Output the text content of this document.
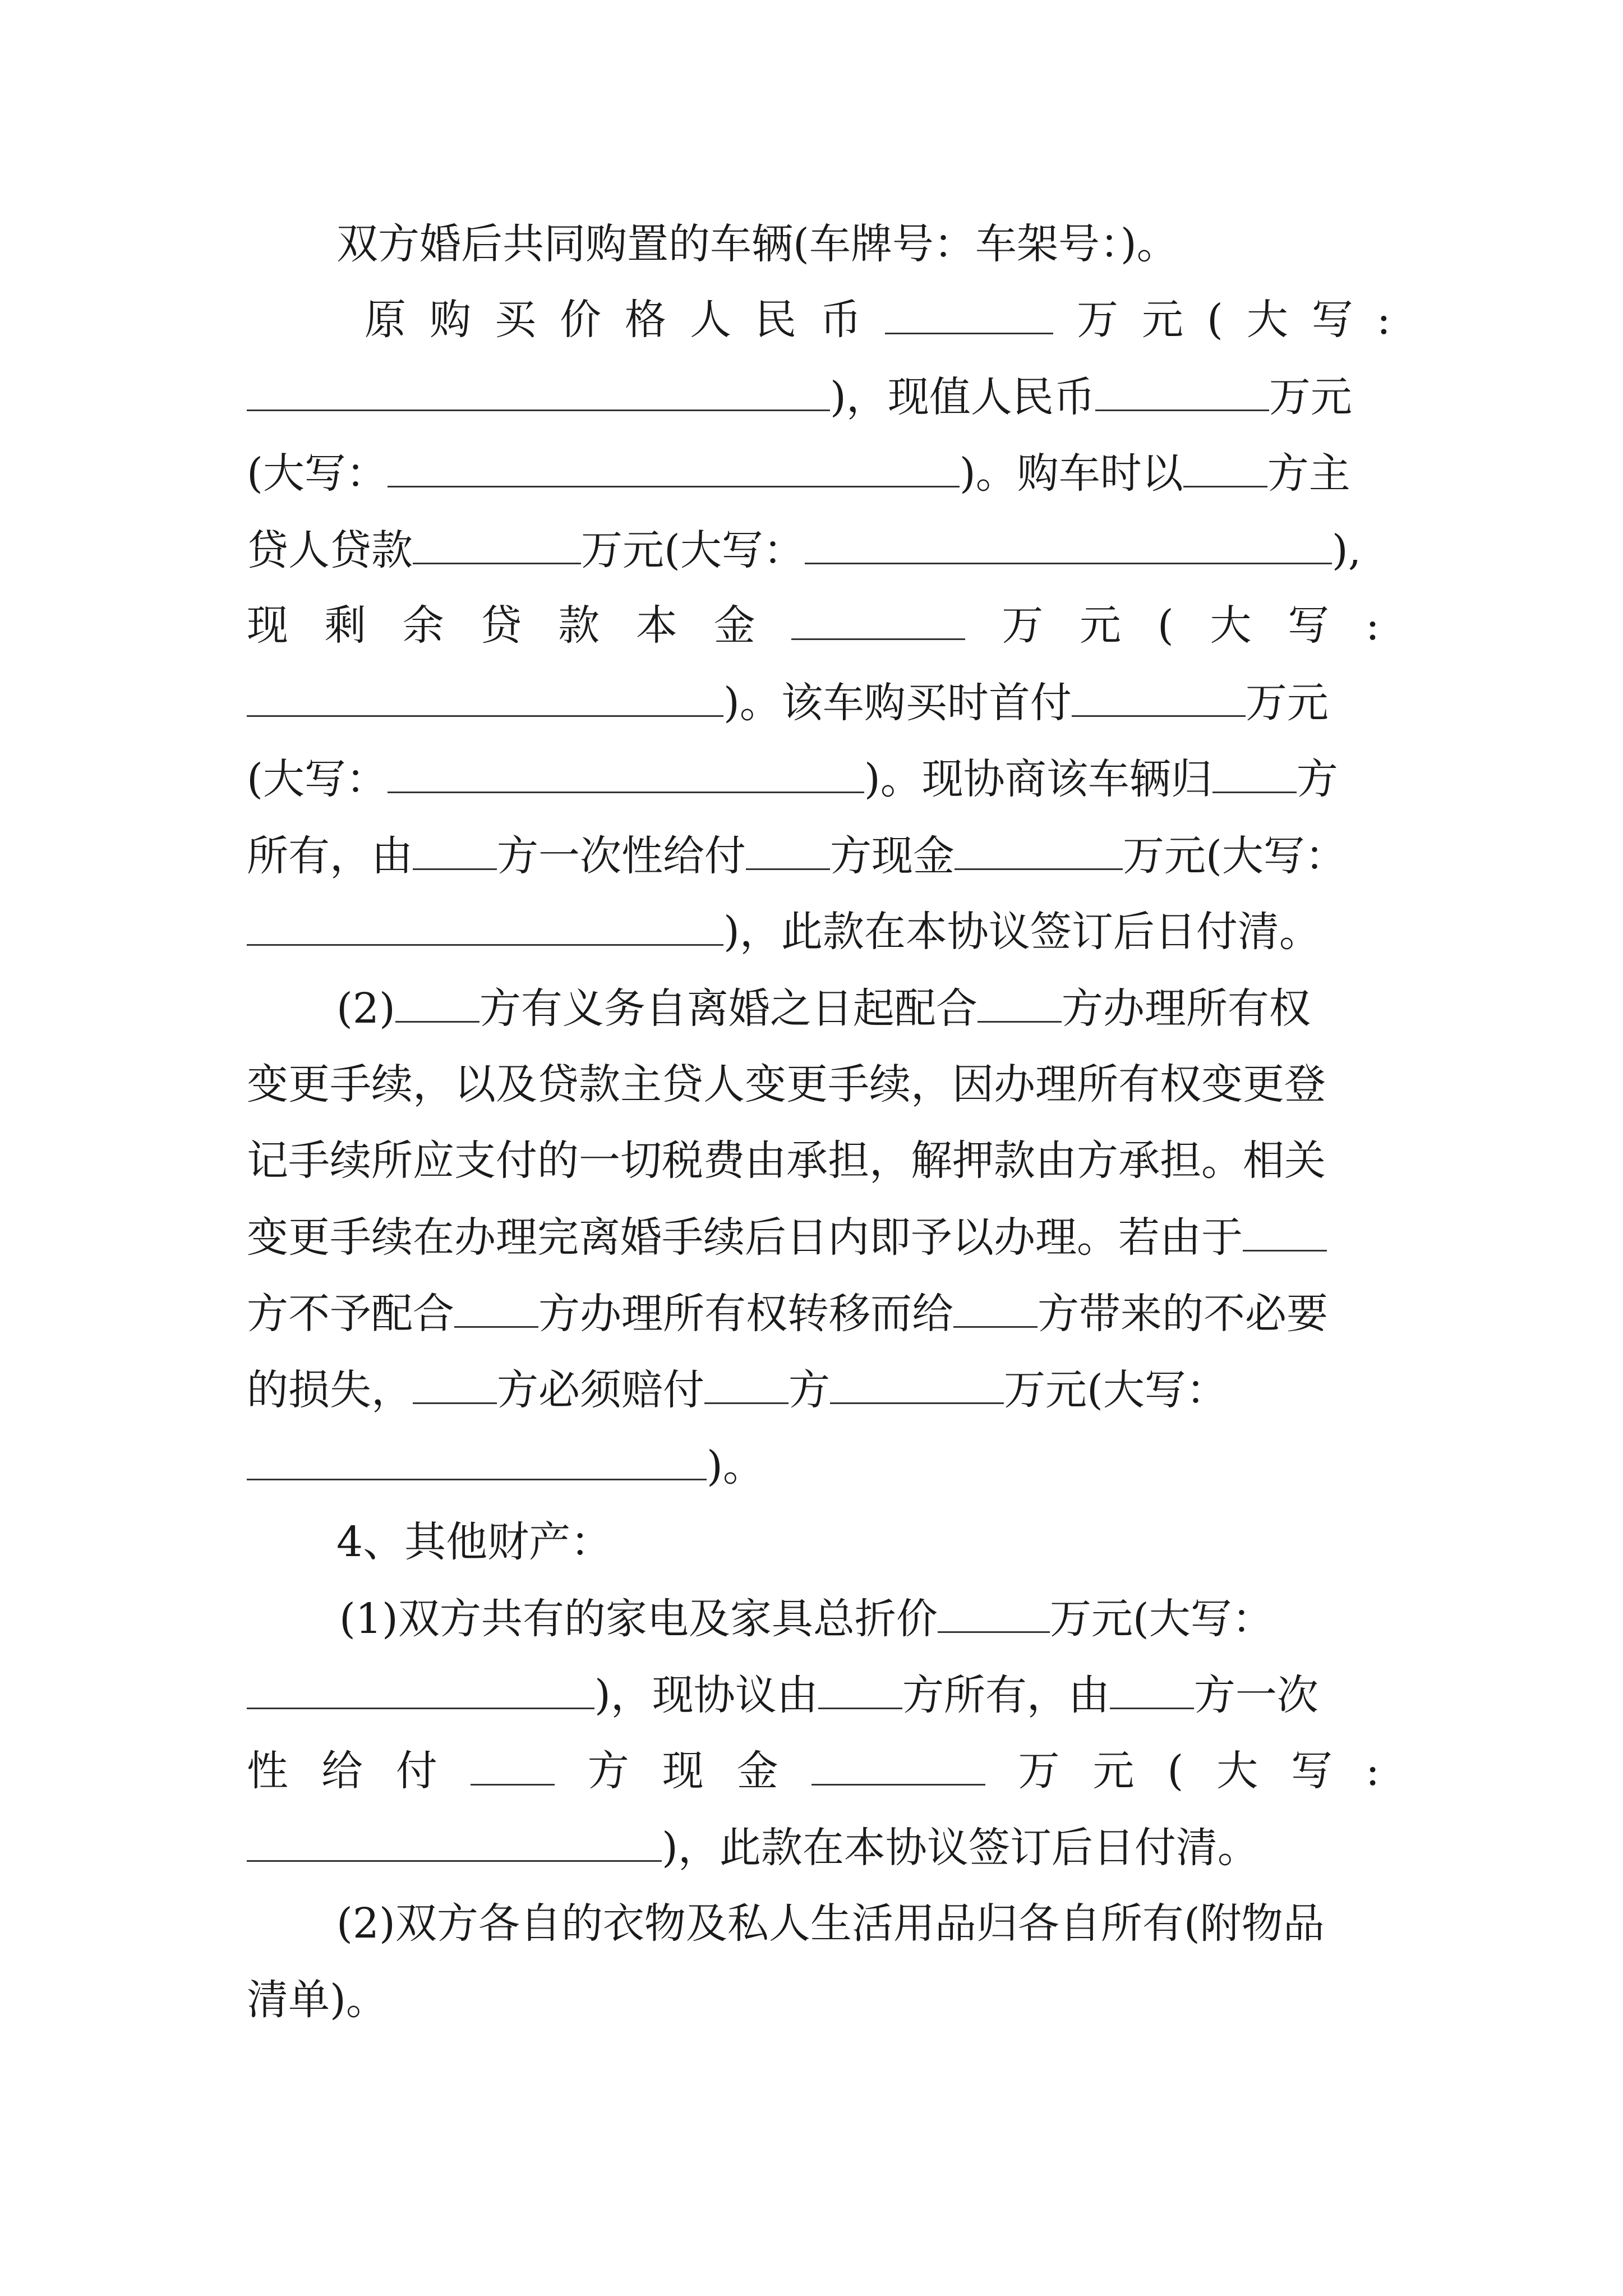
双方婚后共同购置的车辆(车牌号：车架号：)。
原 购 买 价 格 人 民 币	万 元 ( 大 写 :
)，现值人民币	万元
(大写：	)。购车时以 方主
贷人贷款	万元(大写：	),
现 剩 余 贷 款 本 金	万 元 ( 大 写 :
)。该车购买时首付	万元
(大写：	)。现协商该车辆归 方
所有，由 方一次性给付 方现金	万元(大写：
)，此款在本协议签订后日付清。
(2) 方有义务自离婚之日起配合 方办理所有权
变更手续，以及贷款主贷人变更手续，因办理所有权变更登
记手续所应支付的一切税费由承担，解押款由方承担。相关
变更手续在办理完离婚手续后日内即予以办理。若由于
方不予配合 方办理所有权转移而给 方带来的不必要
的损失， 方必须赔付 方	万元(大写：
)。
4、其他财产：
(1)双方共有的家电及家具总折价	万元(大写：
)，现协议由 方所有，由 方一次
性 给 付	方 现 金	万 元 ( 大 写 :
)，此款在本协议签订后日付清。
(2)双方各自的衣物及私人生活用品归各自所有(附物品
清单)。
